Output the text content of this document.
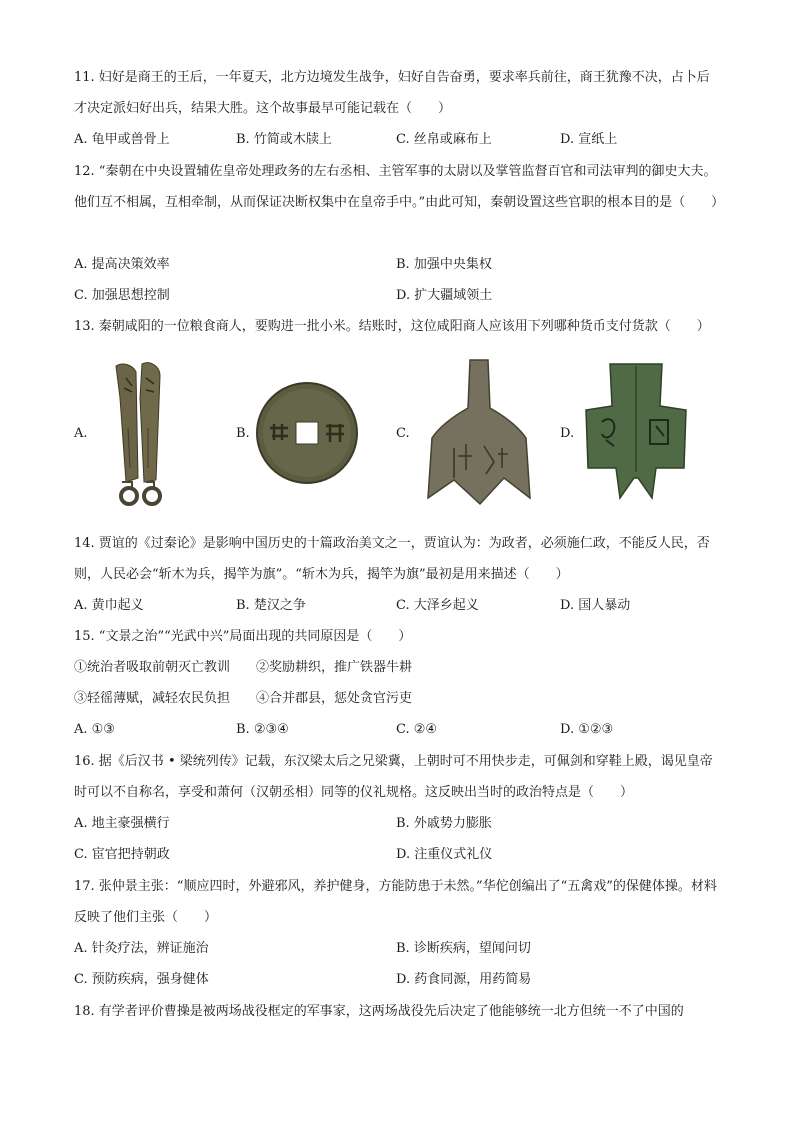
11. 妇好是商王的王后，一年夏天，北方边境发生战争，妇好自告奋勇，要求率兵前往，商王犹豫不决，占卜后才决定派妇好出兵，结果大胜。这个故事最早可能记载在（　　）

A. 龟甲或兽骨上	B. 竹简或木牍上	C. 丝帛或麻布上	D. 宣纸上

12. “秦朝在中央设置辅佐皇帝处理政务的左右丞相、主管军事的太尉以及掌管监督百官和司法审判的御史大夫。他们互不相属，互相牵制，从而保证决断权集中在皇帝手中。”由此可知，秦朝设置这些官职的根本目的是（　　）

A. 提高决策效率	B. 加强中央集权
C. 加强思想控制	D. 扩大疆域领土

13. 秦朝咸阳的一位粮食商人，要购进一批小米。结账时，这位咸阳商人应该用下列哪种货币支付货款（　　）

A.	B.	C.	D.

14. 贾谊的《过秦论》是影响中国历史的十篇政治美文之一，贾谊认为：为政者，必须施仁政，不能反人民，否则，人民必会“斩木为兵，揭竿为旗”。“斩木为兵，揭竿为旗”最初是用来描述（　　）

A. 黄巾起义	B. 楚汉之争	C. 大泽乡起义	D. 国人暴动

15. “文景之治”“光武中兴”局面出现的共同原因是（　　）

①统治者吸取前朝灭亡教训　　②奖励耕织，推广铁器牛耕
③轻徭薄赋，减轻农民负担　　④合并郡县，惩处贪官污吏
A. ①③	B. ②③④	C. ②④	D. ①②③

16. 据《后汉书 • 梁统列传》记载，东汉梁太后之兄梁冀，上朝时可不用快步走，可佩剑和穿鞋上殿，谒见皇帝时可以不自称名，享受和萧何（汉朝丞相）同等的仪礼规格。这反映出当时的政治特点是（　　）

A. 地主豪强横行	B. 外戚势力膨胀
C. 宦官把持朝政	D. 注重仪式礼仪

17. 张仲景主张：“顺应四时，外避邪风，养护健身，方能防患于未然。”华佗创编出了“五禽戏”的保健体操。材料反映了他们主张（　　）

A. 针灸疗法，辨证施治	B. 诊断疾病，望闻问切
C. 预防疾病，强身健体	D. 药食同源，用药简易

18. 有学者评价曹操是被两场战役框定的军事家，这两场战役先后决定了他能够统一北方但统一不了中国的
